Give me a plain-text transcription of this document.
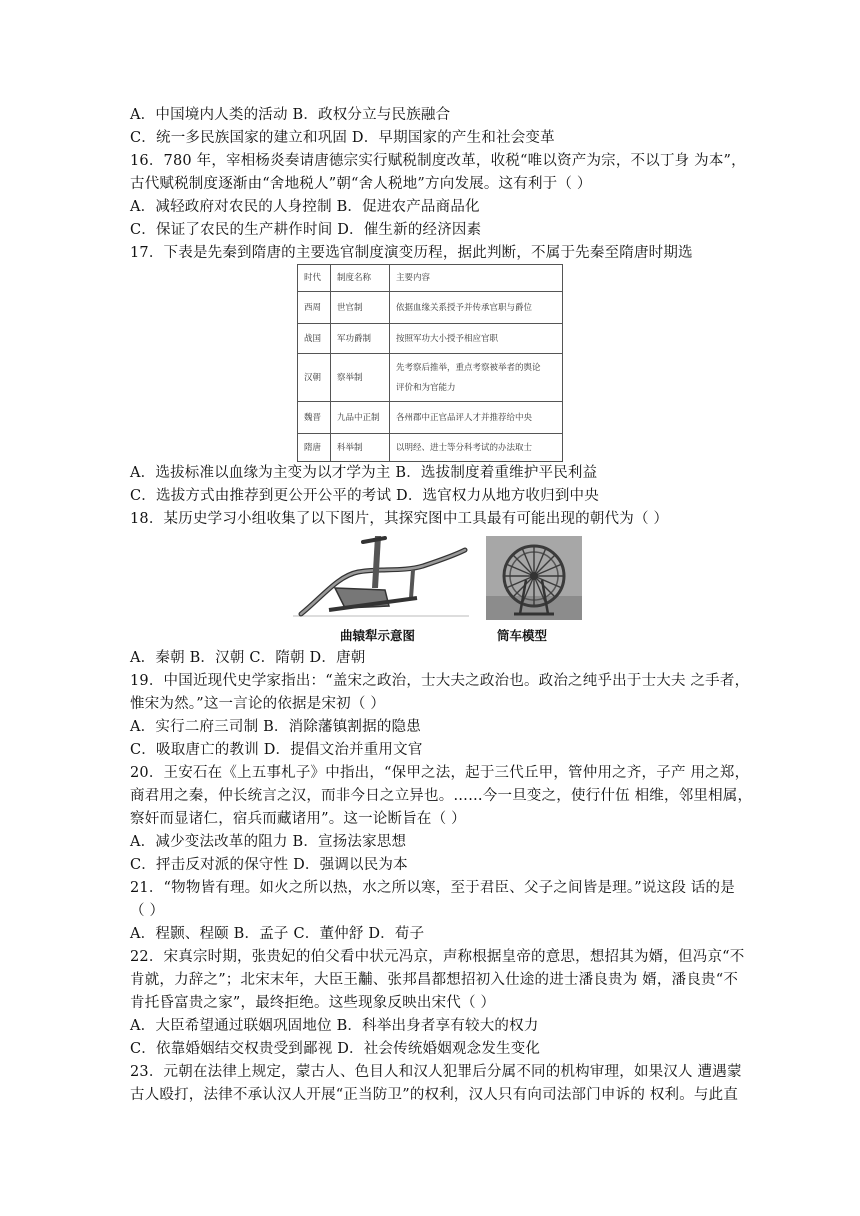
A．中国境内人类的活动 B．政权分立与民族融合
C．统一多民族国家的建立和巩固 D．早期国家的产生和社会变革
16．780 年，宰相杨炎奏请唐德宗实行赋税制度改革，收税“唯以资产为宗，不以丁身 为本”，
古代赋税制度逐渐由“舍地税人”朝“舍人税地”方向发展。这有利于（ ）
A．减轻政府对农民的人身控制 B．促进农产品商品化
C．保证了农民的生产耕作时间 D．催生新的经济因素
17．下表是先秦到隋唐的主要选官制度演变历程，据此判断，不属于先秦至隋唐时期选
时代	制度名称	主要内容
西周	世官制	依据血缘关系授予并传承官职与爵位
战国	军功爵制	按照军功大小授予相应官职
汉朝	察举制	先考察后推举，重点考察被举者的舆论
评价和为官能力

魏晋	九品中正制	各州郡中正官品评人才并推荐给中央
隋唐	科举制	以明经、进士等分科考试的办法取士
A．选拔标准以血缘为主变为以才学为主 B．选拔制度着重维护平民利益
C．选拔方式由推荐到更公开公平的考试 D．选官权力从地方收归到中央
18．某历史学习小组收集了以下图片，其探究图中工具最有可能出现的朝代为（ ）
曲辕犁示意图	筒车模型
A．秦朝 B．汉朝 C．隋朝 D．唐朝
19．中国近现代史学家指出：“盖宋之政治，士大夫之政治也。政治之纯乎出于士大夫 之手者，
惟宋为然。”这一言论的依据是宋初（ ）
A．实行二府三司制 B．消除藩镇割据的隐患
C．吸取唐亡的教训 D．提倡文治并重用文官
20．王安石在《上五事札子》中指出，“保甲之法，起于三代丘甲，管仲用之齐，子产 用之郑，
商君用之秦，仲长统言之汉，而非今日之立异也。……今一旦变之，使行什伍 相维，邻里相属，
察奸而显诸仁，宿兵而藏诸用”。这一论断旨在（ ）
A．减少变法改革的阻力 B．宣扬法家思想
C．抨击反对派的保守性 D．强调以民为本
21．“物物皆有理。如火之所以热，水之所以寒，至于君臣、父子之间皆是理。”说这段 话的是
（ ）
A．程颢、程颐 B．孟子 C．董仲舒 D．荀子
22．宋真宗时期，张贵妃的伯父看中状元冯京，声称根据皇帝的意思，想招其为婿，但冯京“不
肯就，力辞之”；北宋末年，大臣王黼、张邦昌都想招初入仕途的进士潘良贵为 婿，潘良贵“不
肯托昏富贵之家”，最终拒绝。这些现象反映出宋代（ ）
A．大臣希望通过联姻巩固地位 B．科举出身者享有较大的权力
C．依靠婚姻结交权贵受到鄙视 D．社会传统婚姻观念发生变化
23．元朝在法律上规定，蒙古人、色目人和汉人犯罪后分属不同的机构审理，如果汉人 遭遇蒙
古人殴打，法律不承认汉人开展“正当防卫”的权利，汉人只有向司法部门申诉的 权利。与此直
